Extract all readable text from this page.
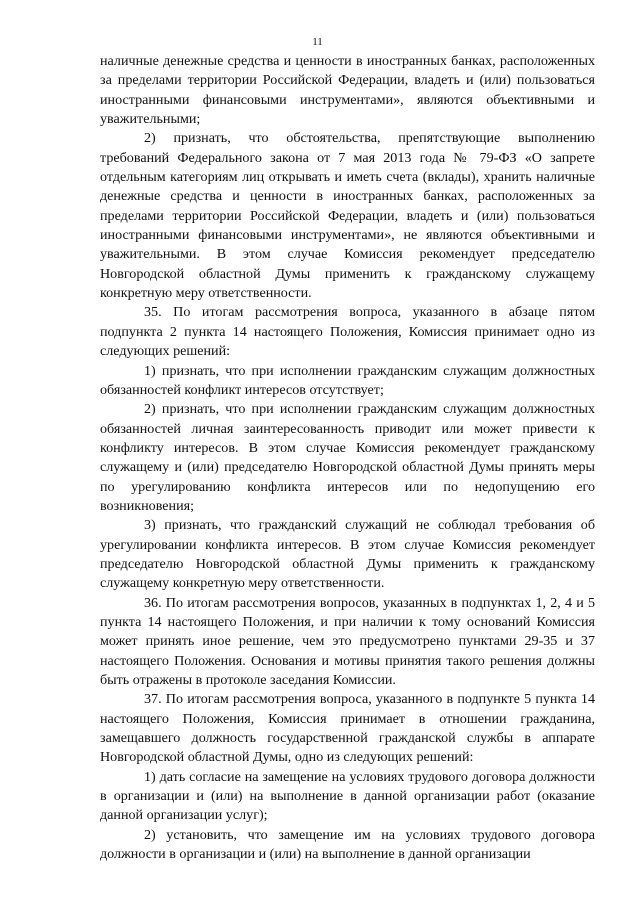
11

наличные денежные средства и ценности в иностранных банках, расположенных за пределами территории Российской Федерации, владеть и (или) пользоваться иностранными финансовыми инструментами», являются объективными и уважительными;

2) признать, что обстоятельства, препятствующие выполнению требований Федерального закона от 7 мая 2013 года № 79-ФЗ «О запрете отдельным категориям лиц открывать и иметь счета (вклады), хранить наличные денежные средства и ценности в иностранных банках, расположенных за пределами территории Российской Федерации, владеть и (или) пользоваться иностранными финансовыми инструментами», не являются объективными и уважительными. В этом случае Комиссия рекомендует председателю Новгородской областной Думы применить к гражданскому служащему конкретную меру ответственности.

35. По итогам рассмотрения вопроса, указанного в абзаце пятом подпункта 2 пункта 14 настоящего Положения, Комиссия принимает одно из следующих решений:

1) признать, что при исполнении гражданским служащим должностных обязанностей конфликт интересов отсутствует;

2) признать, что при исполнении гражданским служащим должностных обязанностей личная заинтересованность приводит или может привести к конфликту интересов. В этом случае Комиссия рекомендует гражданскому служащему и (или) председателю Новгородской областной Думы принять меры по урегулированию конфликта интересов или по недопущению его возникновения;

3) признать, что гражданский служащий не соблюдал требования об урегулировании конфликта интересов. В этом случае Комиссия рекомендует председателю Новгородской областной Думы применить к гражданскому служащему конкретную меру ответственности.

36. По итогам рассмотрения вопросов, указанных в подпунктах 1, 2, 4 и 5 пункта 14 настоящего Положения, и при наличии к тому оснований Комиссия может принять иное решение, чем это предусмотрено пунктами 29-35 и 37 настоящего Положения. Основания и мотивы принятия такого решения должны быть отражены в протоколе заседания Комиссии.

37. По итогам рассмотрения вопроса, указанного в подпункте 5 пункта 14 настоящего Положения, Комиссия принимает в отношении гражданина, замещавшего должность государственной гражданской службы в аппарате Новгородской областной Думы, одно из следующих решений:

1) дать согласие на замещение на условиях трудового договора должности в организации и (или) на выполнение в данной организации работ (оказание данной организации услуг);

2) установить, что замещение им на условиях трудового договора должности в организации и (или) на выполнение в данной организации
